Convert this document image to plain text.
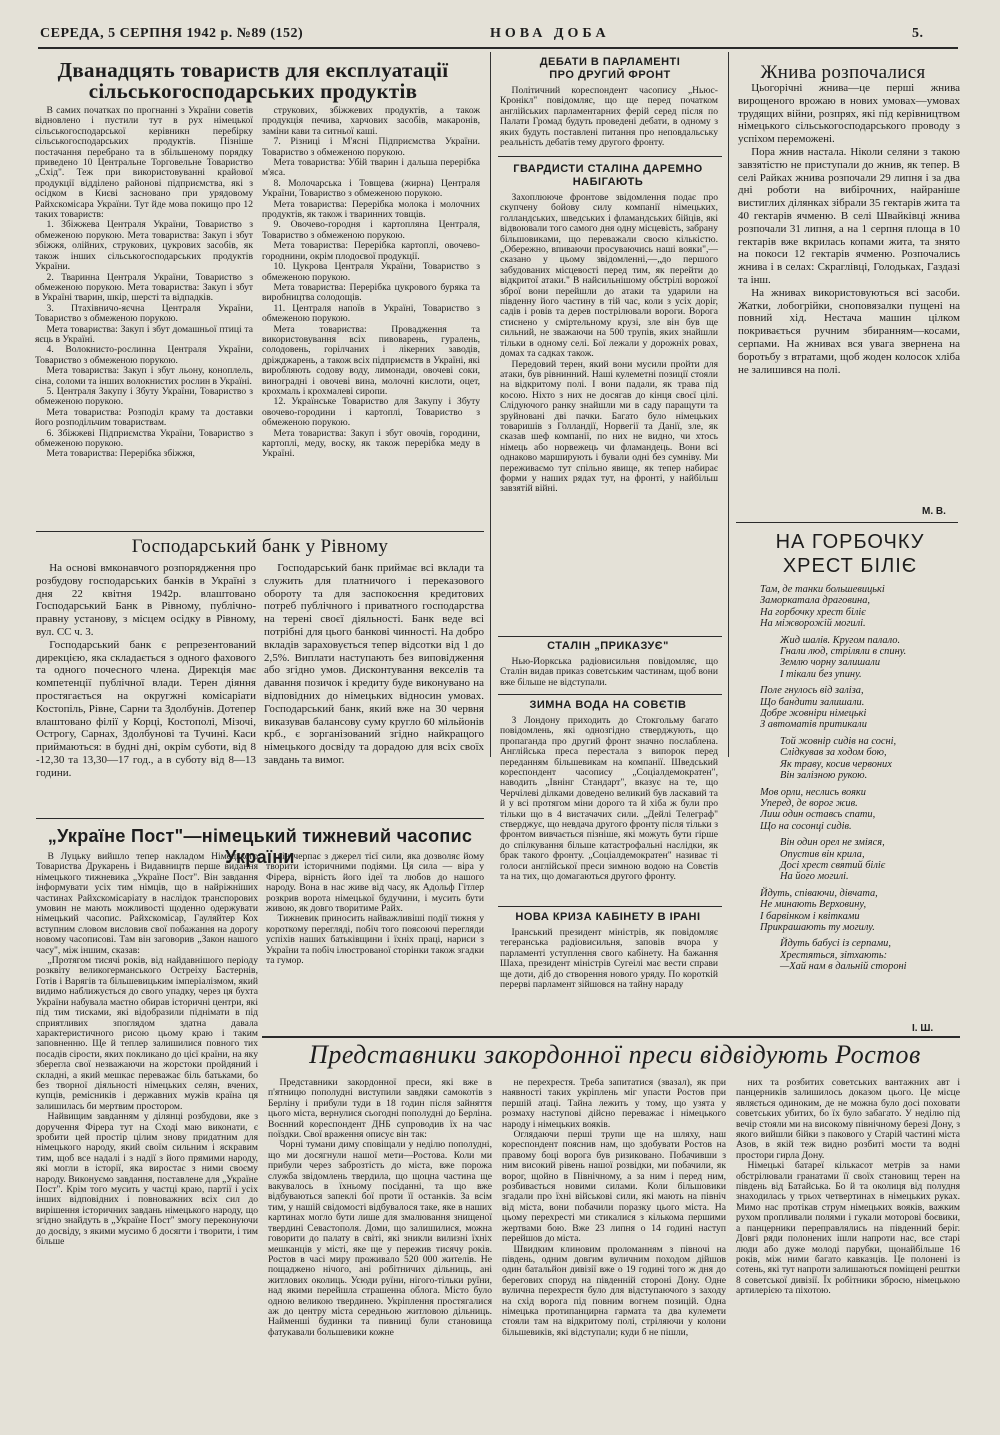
СЕРЕДА, 5 СЕРПНЯ 1942 р. №89 (152)	НОВА ДОБА	5.
Дванадцять товариств для експлуатації сільськогосподарських продуктів

В самих початках по прогнанні з України советів відновлено і пустили тут в рух німецької сільськогосподарської керівникн перебірку сільськогосподарських продуктів. Пізніше постачання перебрано та в збільшеному порядку приведено 10 Центральне Торговельне Товариство „Схід". Теж при використовуванні крайової продукції відділено районові підприємства, які з осідком в Києві засновано при урядовому Райхскомісара України. Тут йде мова покищо про 12 таких товариств:

1. Збіжжева Централя України, Товариство з обмеженою порукою. Мета товариства: Закуп і збут збіжжя, олійних, струкових, цукрових засобів, як також інших сільськогосподарських продуктів України.

2. Тваринна Централя України, Товариство з обмеженою порукою. Мета товариства: Закуп і збут в Україні тварин, шкір, шерсті та відпадків.

3. Птахівничо-яєчна Централя України, Товариство з обмеженою порукою.

Мета товариства: Закуп і збут домашньої птиці та яєць в Україні.

4. Волокнисто-рослинна Централя України, Товариство з обмеженою порукою.

Мета товариства: Закуп і збут льону, коноплель, сіна, соломи та інших волокнистих рослин в Україні.

5. Централя Закупу і Збуту України, Товариство з обмеженою порукою.

Мета товариства: Розподіл краму та доставки його розподільчим товариствам.

6. Збіжжеві Підприємства України, Товариство з обмеженою порукою.

Мета товариства: Перерібка збіжжя,

струкових, збіжжевих продуктів, а також продукція печива, харчових засобів, макаронів, заміни кави та ситньої каші.

7. Різниці і М'ясні Підприємства України. Товариство з обмеженою порукою.

Мета товариства: Убій тварин і дальша перерібка м'яса.

8. Молочарська і Товщева (жирна) Централя України, Товариство з обмеженою порукою.

Мета товариства: Перерібка молока і молочних продуктів, як також і тваринних товщів.

9. Овочево-городня і картопляна Централя, Товариство з обмеженою порукою.

Мета товариства: Перерібка картоплі, овочево-городнини, окрім плодоєвої продукції.

10. Цукрова Централя України, Товариство з обмеженою порукою.

Мета товариства: Перерібка цукрового буряка та виробництва солодощів.

11. Централя напоїв в Україні, Товариство з обмеженою порукою.

Мета товариства: Провадження та використовування всіх пивоварень, гуралень, солодовень, горілчаних і лікерних заводів, дріжджарень, а також всіх підприємств в Україні, які виробляють содову воду, лимонади, овочеві соки, виноградні і овочеві вина, молочні кислоти, оцет, крохмаль і крохмалеві сиропи.

12. Українське Товариство для Закупу і Збуту овочево-городини і картоплі, Товариство з обмеженою порукою.

Мета товариства: Закуп і збут овочів, городини, картоплі, меду, воску, як також перерібка меду в Україні.

Господарський банк у Рівному

На основі вмконавчого розпорядження про розбудову господарських банків в Україні з дня 22 квітня 1942р. влаштовано Господарський Банк в Рівному, публічно-правну установу, з місцем осідку в Рівному, вул. СС ч. 3.

Господарський банк є репрезентований дирекцією, яка складається з одного фахового та одного почесного члена. Дирекція має компетенції публічної влади. Терен діяння простягається на округжні комісаріати Костопіль, Рівне, Сарни та Здолбунів. Дотепер влаштовано філії у Корці, Костополі, Мізочі, Острогу, Сарнах, Здолбунові та Тучині. Каси приймаються: в будні дні, окрім суботи, від 8 -12,30 та 13,30—17 год., а в суботу від 8—13 години.

Господарський банк приймає всі вклади та служить для платничого і переказового обороту та для заспокоєння кредитових потреб публічного і приватного господарства на терені своєї діяльності. Банк веде всі потрібні для цього банкові чинності. На добро вкладів зараховується тепер відсотки від 1 до 2,5%. Виплати наступають без виповідження або згідно умов. Дисконтування векселів та давання позичок і кредиту буде виконувано на відповідних до німецьких відносин умовах. Господарський банк, який вже на 30 червня виказував балансову суму кругло 60 мільйонів крб., є зорганізований згідно найкращого німецького досвіду та дорадою для всіх своїх завдань та вимог.

„Україне Пост"—німецький тижневий часопис України

В Луцьку вийшло тепер накладом Німецького Товариства Друкарень і Видавництв перше видання німецького тижневика „Україне Пост". Він завдання інформувати усіх тим німців, що в найріжніших частинах Райхскомісаріату в наслідок транспорових умовин не мають можливості щоденно одержувати німецький часопис. Райхскомісар, Гауляйтер Кох вступним словом висловив свої побажання на дорогу новому часописові. Там він заговорив „Закон нашого часу", між іншим, сказав:

„Протягом тисячі років, від найдавнішого періоду розквіту великогерманського Остреіху Бастернів, Готів і Варягів та більшевицьким імперіалізмом, який видимо наближується до свого упадку, через ця бухта України набувала маєтно обирав історичні центри, які під тим тисками, які відобразили піднімати в під сприятливих зпоглядом здатна давала характеристичного рисою цьому краю і таким заповненню. Ще й теплер залишилися повного тих посадів сірости, яких покликано до цієї країни, на яку зберегла свої незважаючи на жорстоки пройдяний і складні, а який мешкає переважає біль батьками, бо без творної діяльності німецьких селян, вчених, купців, ремісників і державних мужів країна ця залишилась би мертвим простором.

Найвищим завданням у ділянці розбудови, яке з доручення Фірера тут на Сході маю виконати, є зробити цей простір цілим знову придатним для німецького народу, який своїм сильним і яскравим тим, щоб все надалі і з надії з його прямими народу, які могли в історії, яка виростає з ними своєму народу. Виконуємо завдання, поставлене для „Україне Пост". Крім того мусить у частці краю, партії і усіх інших відповідних і повноважних всіх сил до вирішення історичних завдань німецького народу, що згідно знайдуть в „Україне Пост" змогу переконуючи до досвіду, з якими мусимо б досягти і творити, і тим більше

він черпає з джерел тієї сили, яка дозволяє йому творити історичними подіями. Ця сила — віра у Фірера, вірність його ідеї та любов до нашого народу. Вона в нас живе від часу, як Адольф Гітлер розкрив ворота німецької будучини, і мусить бути живою, як довго творитиме Райх.

Тижневик приносить найважливіші події тижня у короткому перегляді, побіч того поясоючі перегляди успіхів наших батьківщини і їхніх праці, нариси з України та побіч ілюстрованої сторінки також згадки та гумор.

ДЕБАТИ В ПАРЛАМЕНТІ ПРО ДРУГИЙ ФРОНТ

Політичний кореспондент часопису „Ньюс-Кронікл" повідомляє, що ще перед початком англійських парламентарних ферій серед після по Палати Громад будуть проведені дебати, в одному з яких будуть поставлені питання про неповдальську реальність дебатів тему другого фронту.

ГВАРДИСТИ СТАЛІНА ДАРЕМНО НАБІГАЮТЬ

Захоплююче фронтове звідомлення подає про скупчену бойову силу компанії німецьких, голландських, шведських і фламандських бійців, які відвоювали того самого дня одну місцевість, забрану більшовиками, що переважали своєю кількістю. „Обережно, впиваючи просуваючись наші вояки",— сказано у цьому звідомленні,—„до першого забудованих місцевості перед тим, як перейти до відкритої атаки." В найсильнішому обстрілі ворожої зброї вони перейшли до атаки та ударили на південну його частину в тій час, коли з усіх доріг, садів і ровів та дерев пострілювали вороги. Ворога стиснено у сміртельному крузі, зле він був ще сильний, не зважаючи на 500 трупів, яких знайшли тільки в одному селі. Бої лежали у дорожніх ровах, домах та садках також.

Передовий терен, який вони мусили пройти для атаки, був рівнинний. Наші кулеметні позиції стояли на відкритому полі. І вони падали, як трава під косою. Ніхто з них не досягав до кінця своєї цілі. Слідуючого ранку знайшли ми в саду паращути та зруйновані дві пачки. Багато було німецьких товаришів з Голландії, Норвегії та Данії, зле, як сказав шеф компанії, по них не видно, чи хтось німець або норвежець чи фламандець. Вони всі однаково марширують і бували одні без сумніву. Ми переживаємо тут спільно явище, як тепер набирає форми у наших рядах тут, на фронті, у найбільш завзятій війні.

СТАЛІН „ПРИКАЗУЄ"

Нью-Йоркська радіовисильня повідомляє, що Сталін видав приказ советським частинам, щоб вони вже більше не відступали.

ЗИМНА ВОДА НА СОВЄТІВ

З Лондону приходить до Стокгольму багато повідомлень, які однозгідно стверджують, що пропаганда про другий фронт значно послаблена. Англійська преса перестала з випорок перед переданням більшевикам на компанії. Шведський кореспондент часопису „Соціалдемократен", наводить „Івнінг Стандарт", вказує на те, що Черчілеві ділками доведено великий був ласкавий та й у всі протягом міни дорого та й хіба ж були про тільки що в 4 вистачачих сили. „Дейлі Телеграф" стверджує, що невдача другого фронту після тільки з фронтом вивчається пізніше, які можуть бути гірше до спілкування більше катастрофальні наслідки, як брак такого фронту. „Соціалдемократен" називає ті голоси англійської преси зимною водою на Совєтів та на тих, що домагаються другого фронту.

НОВА КРИЗА КАБІНЕТУ В ІРАНІ

Іранський президент міністрів, як повідомляє тегеранська радіовисильня, заповів вчора у парламенті уступлення свого кабінету. На бажання Шаха, президент міністрів Сугеілі має вести справи ще доти, діб до створення нового уряду. По короткій перерві парламент зійшовся на тайну нараду

Жнива розпочалися

Цьогорічні жнива—це перші жнива вирощеного врожаю в нових умовах—умовах трудящих війни, розпрях, які під керівництвом німецького сільськогосподарського проводу з успіхом переможені.

Пора жнив настала. Ніколи селяни з такою завзятістю не приступали до жнив, як тепер. В селі Райках жнива розпочали 29 липня і за два дні роботи на вибірочних, найраніше вистиглих ділянках зібрали 35 гектарів жита та 40 гектарів ячменю. В селі Швайківці жнива розпочали 31 липня, а на 1 серпня площа в 10 гектарів вже вкрилась копами жита, та знято на покоси 12 гектарів ячменю. Розпочались жнива і в селах: Скраглівці, Голодьках, Газдазі та інш.

На жнивах використовуються всі засоби. Жатки, лобогрійки, сноповязалки пущені на повний хід. Нестача машин цілком покривається ручним збиранням—косами, серпами. На жнивах вся увага звернена на боротьбу з втратами, щоб жоден колосок хліба не залишився на полі.

М. В.
НА ГОРБОЧКУ ХРЕСТ БІЛІЄ
Там, де танки большевицькі
Заморкатала драговина,
На горбочку хрест біліє
На міжворожій могилі.
Жид шалів. Кругом палало.
Гнали люд, стріляли в спину.
Землю чорну залишали
І тікали без упину.
Поле гнулось від заліза,
Що бандити залишали.
Добре жовніри німецькі
З автоматів притикали
Той жовнір сидів на сосні,
Слідкував за ходом бою,
Як траву, косив червоних
Він залізною рукою.
Мов орли, неслись вояки
Уперед, де ворог жив.
Лиш один оставсь спати,
Що на сосонці сидів.
Він один орел не зміяся,
Опустив він крила,
Досі хрест святий біліє
На його могилі.
Йдуть, співаючи, дівчата,
Не минають Верховину,
І барвінком і квітками
Прикрашають ту могилу.
Йдуть бабусі із серпами,
Хрестяться, зітхають:
—Хай нам в дальній стороні
І. Ш.
Представники закордонної преси відвідують Ростов

Представники закордонної преси, які вже в п'ятницю пополудні виступили завдяки самокотів з Берліну і прибули туди в 18 годин після зайняття цього міста, вернулися сьогодні пополудні до Берліна. Воєнний кореспондент ДНБ супроводив їх на час поїздки. Свої враження описує він так:

Чорні тумани диму сповіщали у неділю пополудні, що ми досягнули нашої мети—Ростова. Коли ми прибули через заброзтість до міста, вже порожа служба звідомлень твердила, що щоцна частина ще вакувалось в їхньому посіданні, та що вже відбуваються запеклі бої проти її останків. За всім тим, у нашій свідомості відбувалося таке, яке в наших картинах могло бути лише для змалювання знищеної твердині Севастополя. Доми, що залишилися, можна говорити до палату в світі, які зникли вилизні їхніх мешканців у місті, яке ще у пережив тисячу років. Ростов в часі миру проживало 520 000 жителів. Не пощаджено нічого, ані робітничих дільниць, ані житлових околиць. Усюди руїни, нігого-тільки руїни, над якими перейшла страшенна облога. Місто було одною великою твердинею. Укріплення простягалися аж до центру міста середньою житловою дільниць. Найменші будинки та пивниці були становища фатукавали большевики кожне

не перехрестя. Треба запитатися (звазал), як при наявності таких укріплень міг упасти Ростов при першій атаці. Тайна лежить у тому, що узята у розмаху наступові дійсно переважає і німецького народу і німецьких вояків.

Оглядаючи перші трупи ще на шляху, наш кореспондент пояснив нам, що здобувати Ростов на правому боці ворога був ризиковано. Побачивши з ним високий рівень нашої розвідки, ми побачили, як ворог, щойно в Північному, а за ним і перед ним, розбивається новими силами. Коли більшовики згадали про їхні військові сили, які мають на північ від міста, вони побачили поразку цього міста. На цьому перехресті ми стикалися з кількома першими жертвами бою. Вже 23 липня о 14 годині наступ перейшов до міста.

Швидким клиновим проломанням з півночі на південь, одним довгим вуличним походом дійшов один батальйон дивізії вже о 19 годині того ж дня до берегових споруд на південній стороні Дону. Одне вулична перехрестя було для відступаючого з заходу на схід ворога під повним вогнем позицій. Одна німецька протипанцирна гармата та два кулемети стояли там на відкритому полі, стріляючи у колони більшевиків, які відступали; куди б не пішли,

них та розбитих советських вантажних авт і панцерників залишилось доказом цього. Це місце являється одиноким, де не можна було досі поховати советських убитих, бо їх було забагато. У неділю під вечір стояли ми на високому північному березі Дону, з якого вийшли бійки з пакового у Старій частині міста Азов, в якій теж видно розбиті мости та водні простори гирла Дону.

Німецькі батареї кількасот метрів за нами обстрілювали гранатами її своїх становищ терен на південь від Батайська. Бо й та околиця від полудня знаходилась у трьох четвертинах в німецьких руках. Мимо нас протікав струм німецьких вояків, важким рухом пропливали полями і гукали моторові боєвики, а панцерники переправлялись на південний беріг. Довгі ряди полонених ішли напроти нас, все старі люди або дуже молоді парубки, щонайбільше 16 років, між ними багато кавказців. Це полонені із сотень, які тут напроти залишаються поміщені рештки 8 советської дивізії. Їх робітники зброєю, німецькою артилерією та піхотою.
